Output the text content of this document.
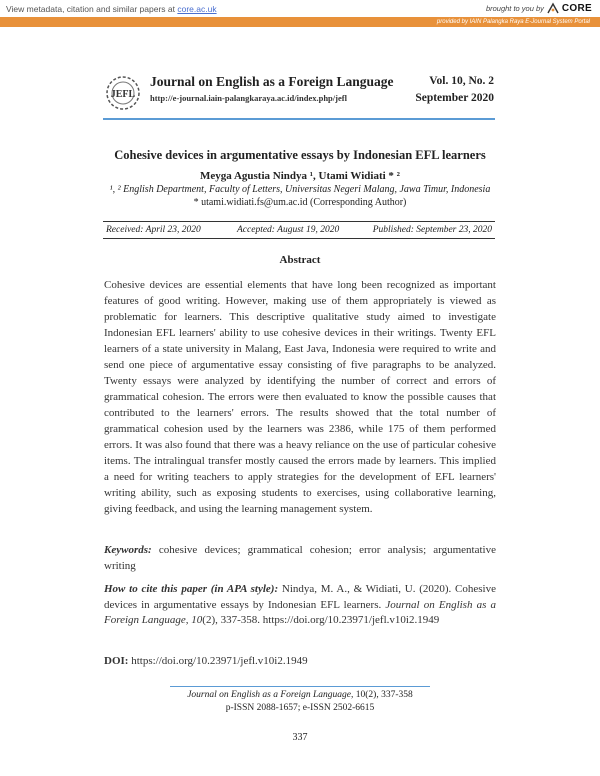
View metadata, citation and similar papers at core.ac.uk	brought to you by CORE
provided by IAIN Palangka Raya E-Journal System Portal
JEFL
Journal on English as a Foreign Language
http://e-journal.iain-palangkaraya.ac.id/index.php/jefl
Vol. 10, No. 2
September 2020
Cohesive devices in argumentative essays by Indonesian EFL learners
Meyga Agustia Nindya ¹, Utami Widiati * ²
¹, ² English Department, Faculty of Letters, Universitas Negeri Malang, Jawa Timur, Indonesia
* utami.widiati.fs@um.ac.id (Corresponding Author)
Received: April 23, 2020	Accepted: August 19, 2020	Published: September 23, 2020
Abstract
Cohesive devices are essential elements that have long been recognized as important features of good writing. However, making use of them appropriately is viewed as problematic for learners. This descriptive qualitative study aimed to investigate Indonesian EFL learners' ability to use cohesive devices in their writings. Twenty EFL learners of a state university in Malang, East Java, Indonesia were required to write and send one piece of argumentative essay consisting of five paragraphs to be analyzed. Twenty essays were analyzed by identifying the number of correct and errors of grammatical cohesion. The errors were then evaluated to know the possible causes that contributed to the learners' errors. The results showed that the total number of grammatical cohesion used by the learners was 2386, while 175 of them performed errors. It was also found that there was a heavy reliance on the use of particular cohesive items. The intralingual transfer mostly caused the errors made by learners. This implied a need for writing teachers to apply strategies for the development of EFL learners' writing ability, such as exposing students to exercises, using collaborative learning, giving feedback, and using the learning management system.
Keywords: cohesive devices; grammatical cohesion; error analysis; argumentative writing
How to cite this paper (in APA style): Nindya, M. A., & Widiati, U. (2020). Cohesive devices in argumentative essays by Indonesian EFL learners. Journal on English as a Foreign Language, 10(2), 337-358. https://doi.org/10.23971/jefl.v10i2.1949
DOI: https://doi.org/10.23971/jefl.v10i2.1949
Journal on English as a Foreign Language, 10(2), 337-358
p-ISSN 2088-1657; e-ISSN 2502-6615
337
